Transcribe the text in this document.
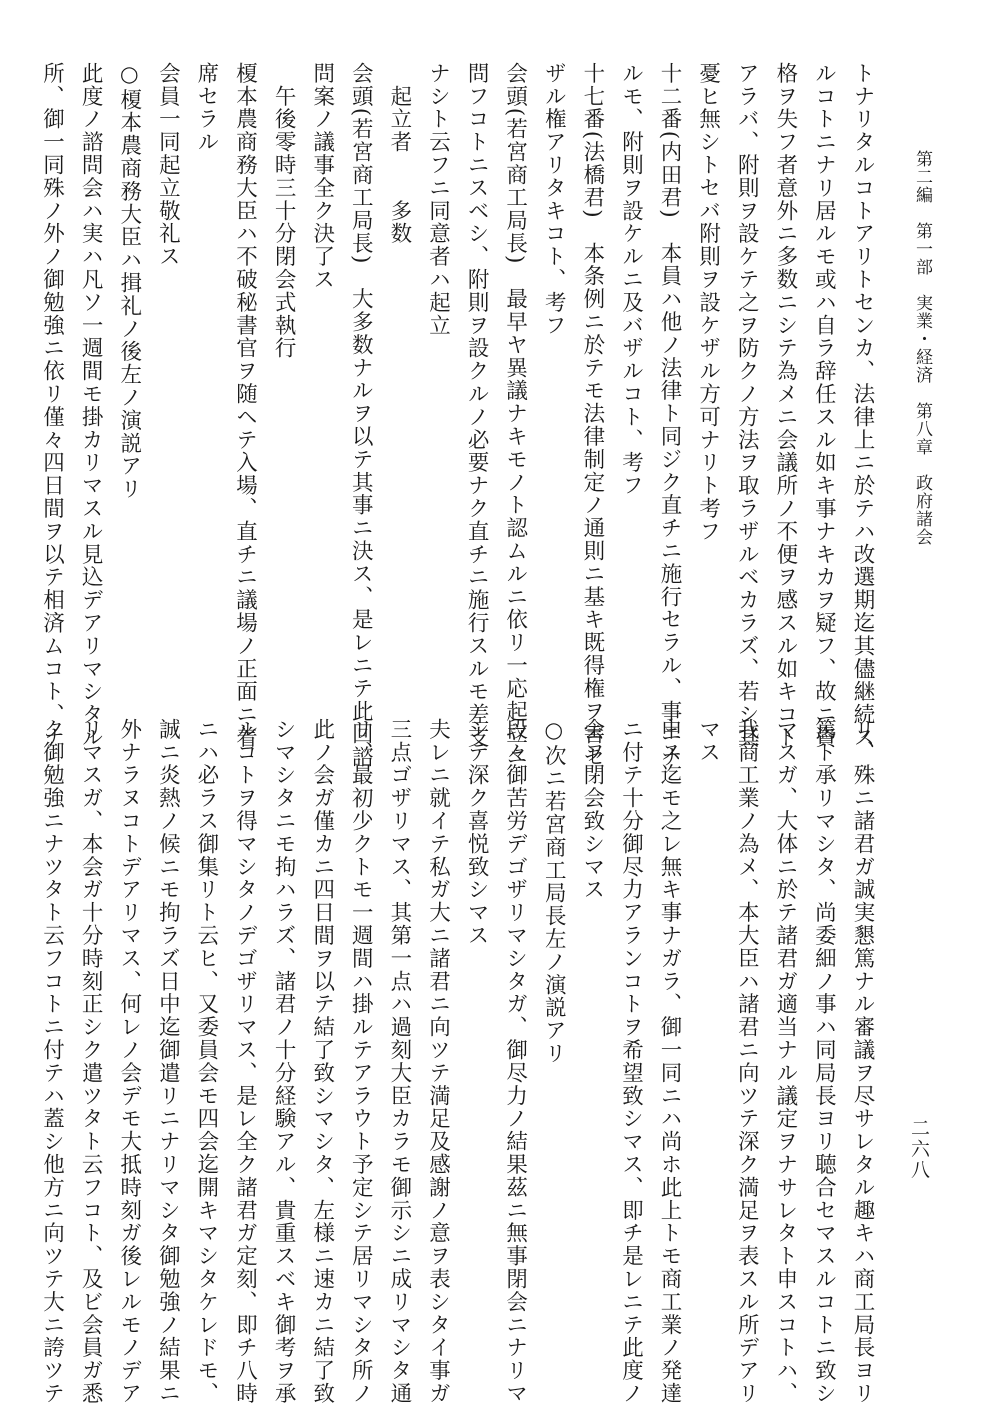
第二編　第一部　実業・経済　第八章　政府諸会
二六八
トナリタルコトアリトセンカ、法律上ニ於テハ改選期迄其儘継続ス
ルコトニナリ居ルモ或ハ自ラ辞任スル如キ事ナキカヲ疑フ、故ニ資
格ヲ失フ者意外ニ多数ニシテ為メニ会議所ノ不便ヲ感スル如キコト
アラバ、附則ヲ設ケテ之ヲ防クノ方法ヲ取ラザルベカラズ、若シ其
憂ヒ無シトセバ附則ヲ設ケザル方可ナリト考フ
十二番(内田君)　本員ハ他ノ法律ト同ジク直チニ施行セラル、事ニナ
ルモ、附則ヲ設ケルニ及バザルコト、考フ
十七番(法橋君)　本条例ニ於テモ法律制定ノ通則ニ基キ既得権ヲ害セ
ザル権アリタキコト、考フ
会頭(若宮商工局長)　最早ヤ異議ナキモノト認ムルニ依リ一応起立ニ
問フコトニスベシ、附則ヲ設クルノ必要ナク直チニ施行スルモ差支
ナシト云フニ同意者ハ起立
　起立者　　多数
会頭(若宮商工局長)　大多数ナルヲ以テ其事ニ決ス、是レニテ此回諮
問案ノ議事全ク決了ス
　午後零時三十分閉会式執行
榎本農商務大臣ハ不破秘書官ヲ随ヘテ入場、直チニ議場ノ正面ニ着
席セラル
会員一同起立敬礼ス
○榎本農商務大臣ハ揖礼ノ後左ノ演説アリ
此度ノ諮問会ハ実ハ凡ソ一週間モ掛カリマスル見込デアリマシタル
所、御一同殊ノ外ノ御勉強ニ依リ僅々四日間ヲ以テ相済ムコト、ナ
リ、殊ニ諸君ガ誠実懇篤ナル審議ヲ尽サレタル趣キハ商工局長ヨリ
篤ト承リマシタ、尚委細ノ事ハ同局長ヨリ聴合セマスルコトニ致シ
マスガ、大体ニ於テ諸君ガ適当ナル議定ヲナサレタト申スコトハ、
我商工業ノ為メ、本大臣ハ諸君ニ向ツテ深ク満足ヲ表スル所デアリ
マス
申ス迄モ之レ無キ事ナガラ、御一同ニハ尚ホ此上トモ商工業ノ発達
ニ付テ十分御尽力アランコトヲ希望致シマス、即チ是レニテ此度ノ
会ヲ閉会致シマス
○次ニ若宮商工局長左ノ演説アリ
段々御苦労デゴザリマシタガ、御尽力ノ結果茲ニ無事閉会ニナリマ
シテ深ク喜悦致シマス
夫レニ就イテ私ガ大ニ諸君ニ向ツテ満足及感謝ノ意ヲ表シタイ事ガ
三点ゴザリマス、其第一点ハ過刻大臣カラモ御示シニ成リマシタ通
リ、最初少クトモ一週間ハ掛ルテアラウト予定シテ居リマシタ所ノ
此ノ会ガ僅カニ四日間ヲ以テ結了致シマシタ、左様ニ速カニ結了致
シマシタニモ拘ハラズ、諸君ノ十分経験アル、貴重スベキ御考ヲ承
ルコトヲ得マシタノデゴザリマス、是レ全ク諸君ガ定刻、即チ八時
ニハ必ラス御集リト云ヒ、又委員会モ四会迄開キマシタケレドモ、
誠ニ炎熱ノ候ニモ拘ラズ日中迄御遣リニナリマシタ御勉強ノ結果ニ
外ナラヌコトデアリマス、何レノ会デモ大抵時刻ガ後レルモノデア
リマスガ、本会ガ十分時刻正シク遣ツタト云フコト、及ビ会員ガ悉
ク御勉強ニナツタト云フコトニ付テハ蓋シ他方ニ向ツテ大ニ誇ツテ
